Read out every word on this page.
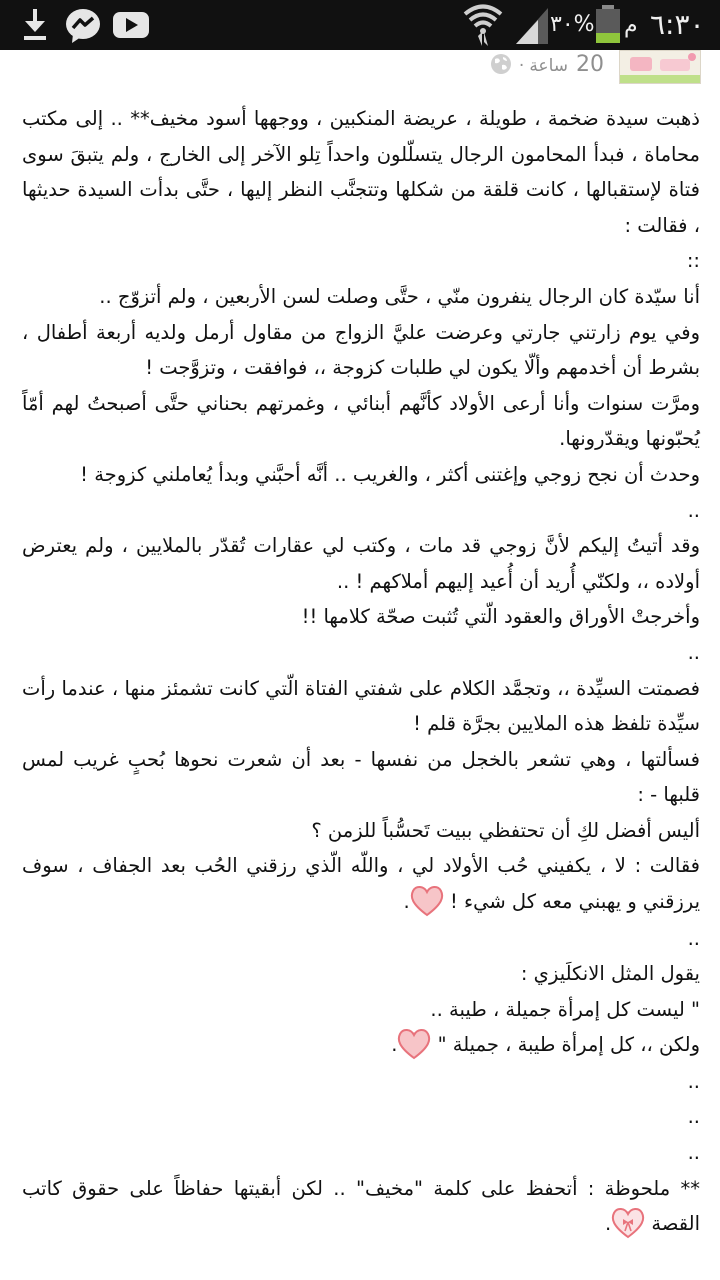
٣٠% م ٦:٣٠
20ساعة·

ذهبت سيدة ضخمة ، طويلة ، عريضة المنكبين ، ووجهها أسود مخيف** .. إلى مكتب محاماة ، فبدأ المحامون الرجال يتسلّلون واحداً تِلو الآخر إلى الخارج ، ولم يتبقَ سوى فتاة لإستقبالها ، كانت قلقة من شكلها وتتجنَّب النظر إليها ، حتَّى بدأت السيدة حديثها ، فقالت :

::

أنا سيّدة كان الرجال ينفرون منّي ، حتَّى وصلت لسن الأربعين ، ولم أتزوّج ..

وفي يوم زارتني جارتي وعرضت عليَّ الزواج من مقاول أرمل ولديه أربعة أطفال ، بشرط أن أخدمهم وألّا يكون لي طلبات كزوجة ،، فوافقت ، وتزوَّجت !

ومرَّت سنوات وأنا أرعى الأولاد كأنَّهم أبنائي ، وغمرتهم بحناني حتَّى أصبحتُ لهم أمّاً يُحبّونها ويقدّرونها.

وحدث أن نجح زوجي وإغتنى أكثر ، والغريب .. أنَّه أحبَّني وبدأ يُعاملني كزوجة !

..

وقد أتيتُ إليكم لأنَّ زوجي قد مات ، وكتب لي عقارات تُقدّر بالملايين ، ولم يعترض أولاده ،، ولكنّي أُريد أن أُعيد إليهم أملاكهم ! ..

وأخرجتْ الأوراق والعقود الّتي تُثبت صحّة كلامها !!

..

فصمتت السيِّدة ،، وتجمَّد الكلام على شفتي الفتاة الّتي كانت تشمئز منها ، عندما رأت سيِّدة تلفظ هذه الملايين بجرَّة قلم !

فسألتها ، وهي تشعر بالخجل من نفسها - بعد أن شعرت نحوها بُحبٍ غريب لمس قلبها - :

أليس أفضل لكِ أن تحتفظي ببيت تَحسُّباً للزمن ؟

فقالت : لا ، يكفيني حُب الأولاد لي ، واللّه الّذي رزقني الحُب بعد الجفاف ، سوف يرزقني و يهبني معه كل شيء ! .

..

يقول المثل الانكلَيزي :

" ليست كل إمرأة جميلة ، طيبة ..

ولكن ،، كل إمرأة طيبة ، جميلة " .

..

..

..

** ملحوظة : أتحفظ على كلمة "مخيف" .. لكن أبقيتها حفاظاً على حقوق كاتب القصة .
